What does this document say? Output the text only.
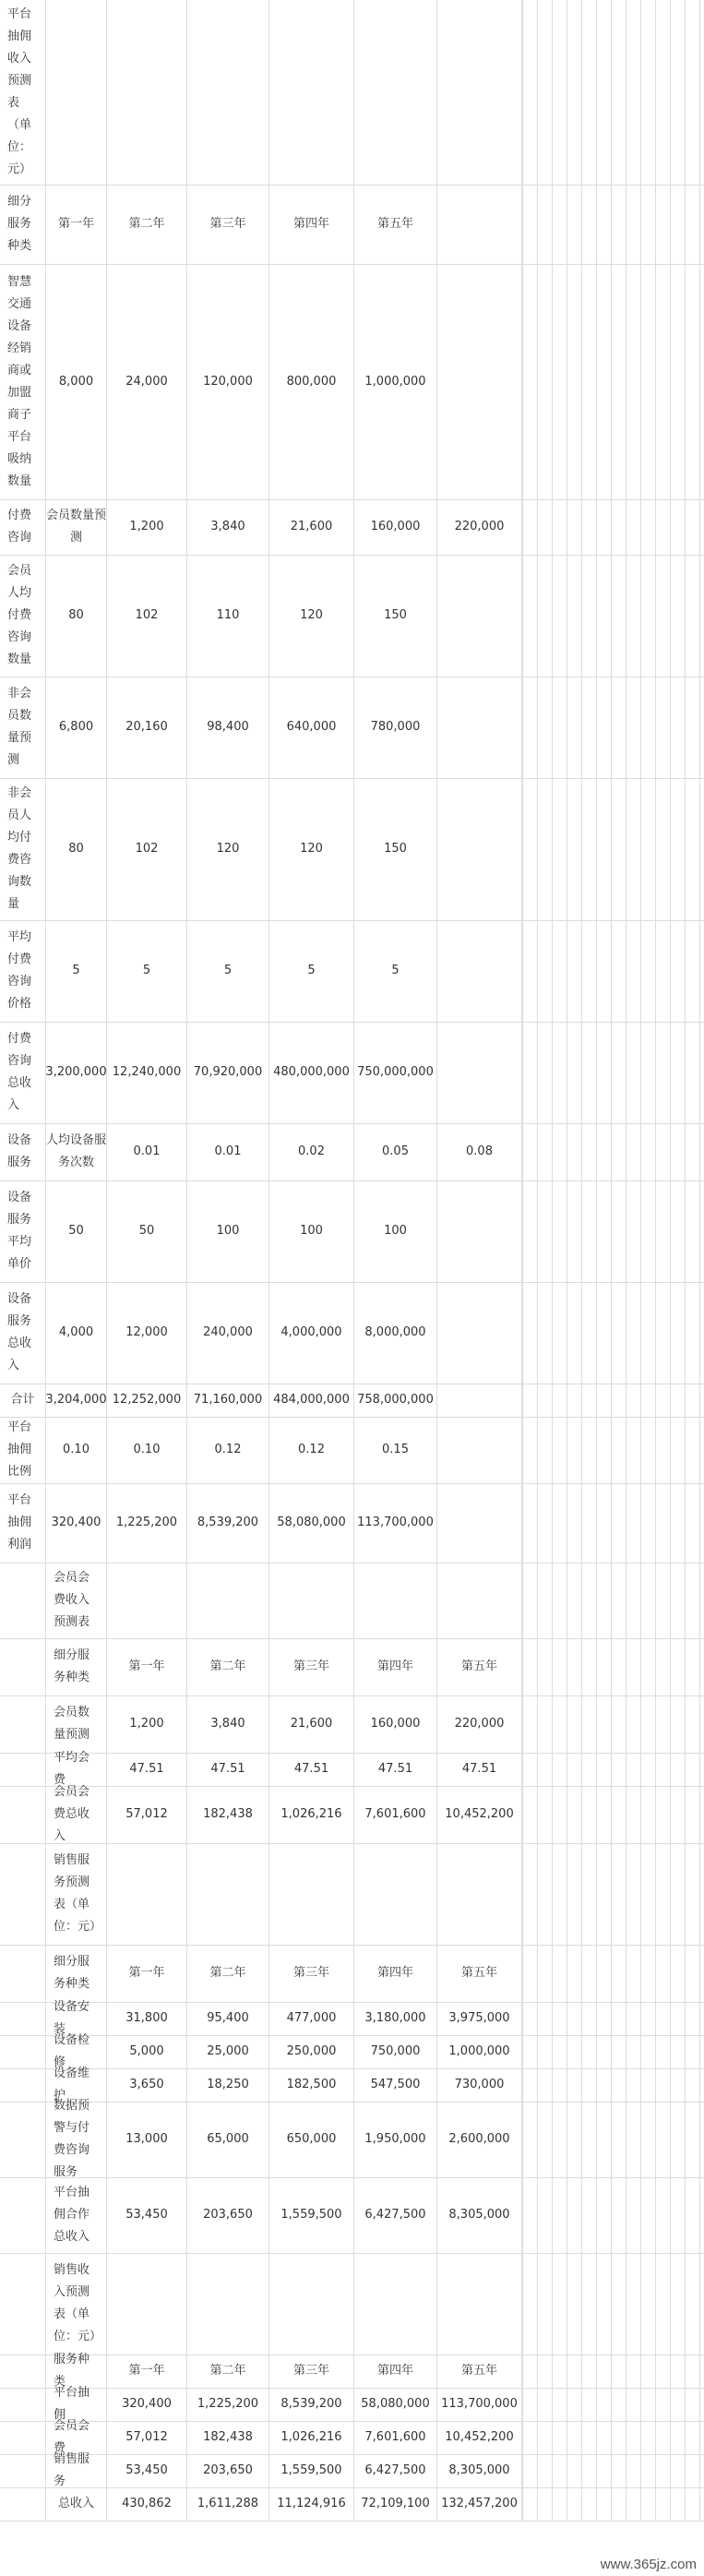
平台抽佣收入预测表（单位：元）
细分服务种类
第一年	第二年	第三年	第四年	第五年
智慧交通设备经销商或加盟商子平台吸纳数量
8,000	24,000	120,000	800,000 1,000,000
付费咨询
会员数量预测
1,200	3,840	21,600	160,000	220,000
会员人均付费咨询数量
80	102	110	120	150
非会员数量预测
6,800	20,160	98,400	640,000	780,000
非会员人均付费咨询数量
80	102	120	120	150
平均付费咨询价格
5	5	5	5	5
付费咨询总收入
3,200,000 12,240,000 70,920,000 480,000,000 750,000,000
设备服务
人均设备服务次数
0.01	0.01	0.02	0.05	0.08
设备服务平均单价
50	50	100	100	100
设备服务总收入
4,000	12,000	240,000 4,000,000 8,000,000
合计 3,204,000 12,252,000 71,160,000 484,000,000 758,000,000
平台抽佣比例
0.10	0.10	0.12	0.12	0.15
平台抽佣利润
320,400 1,225,200 8,539,200 58,080,000 113,700,000
会员会费收入预测表
细分服务种类
第一年	第二年	第三年	第四年	第五年
会员数量预测
1,200	3,840	21,600	160,000	220,000
平均会费
47.51	47.51	47.51	47.51	47.51
会员会费总收入
57,012	182,438 1,026,216 7,601,600 10,452,200
销售服务预测表（单位：元）
细分服务种类
第一年	第二年	第三年	第四年	第五年
设备安装
31,800	95,400	477,000 3,180,000 3,975,000
设备检修
5,000	25,000	250,000	750,000 1,000,000
设备维护
3,650	18,250	182,500	547,500	730,000
数据预警与付费咨询服务
13,000	65,000	650,000 1,950,000 2,600,000
平台抽佣合作总收入
53,450	203,650 1,559,500 6,427,500 8,305,000
销售收入预测表（单位：元）
服务种类
第一年	第二年	第三年	第四年	第五年
平台抽佣
320,400 1,225,200 8,539,200 58,080,000 113,700,000
会员会费
57,012	182,438 1,026,216 7,601,600 10,452,200
销售服务
53,450	203,650 1,559,500 6,427,500 8,305,000
总收入 430,862 1,611,288 11,124,916 72,109,100 132,457,200
www.365jz.com
